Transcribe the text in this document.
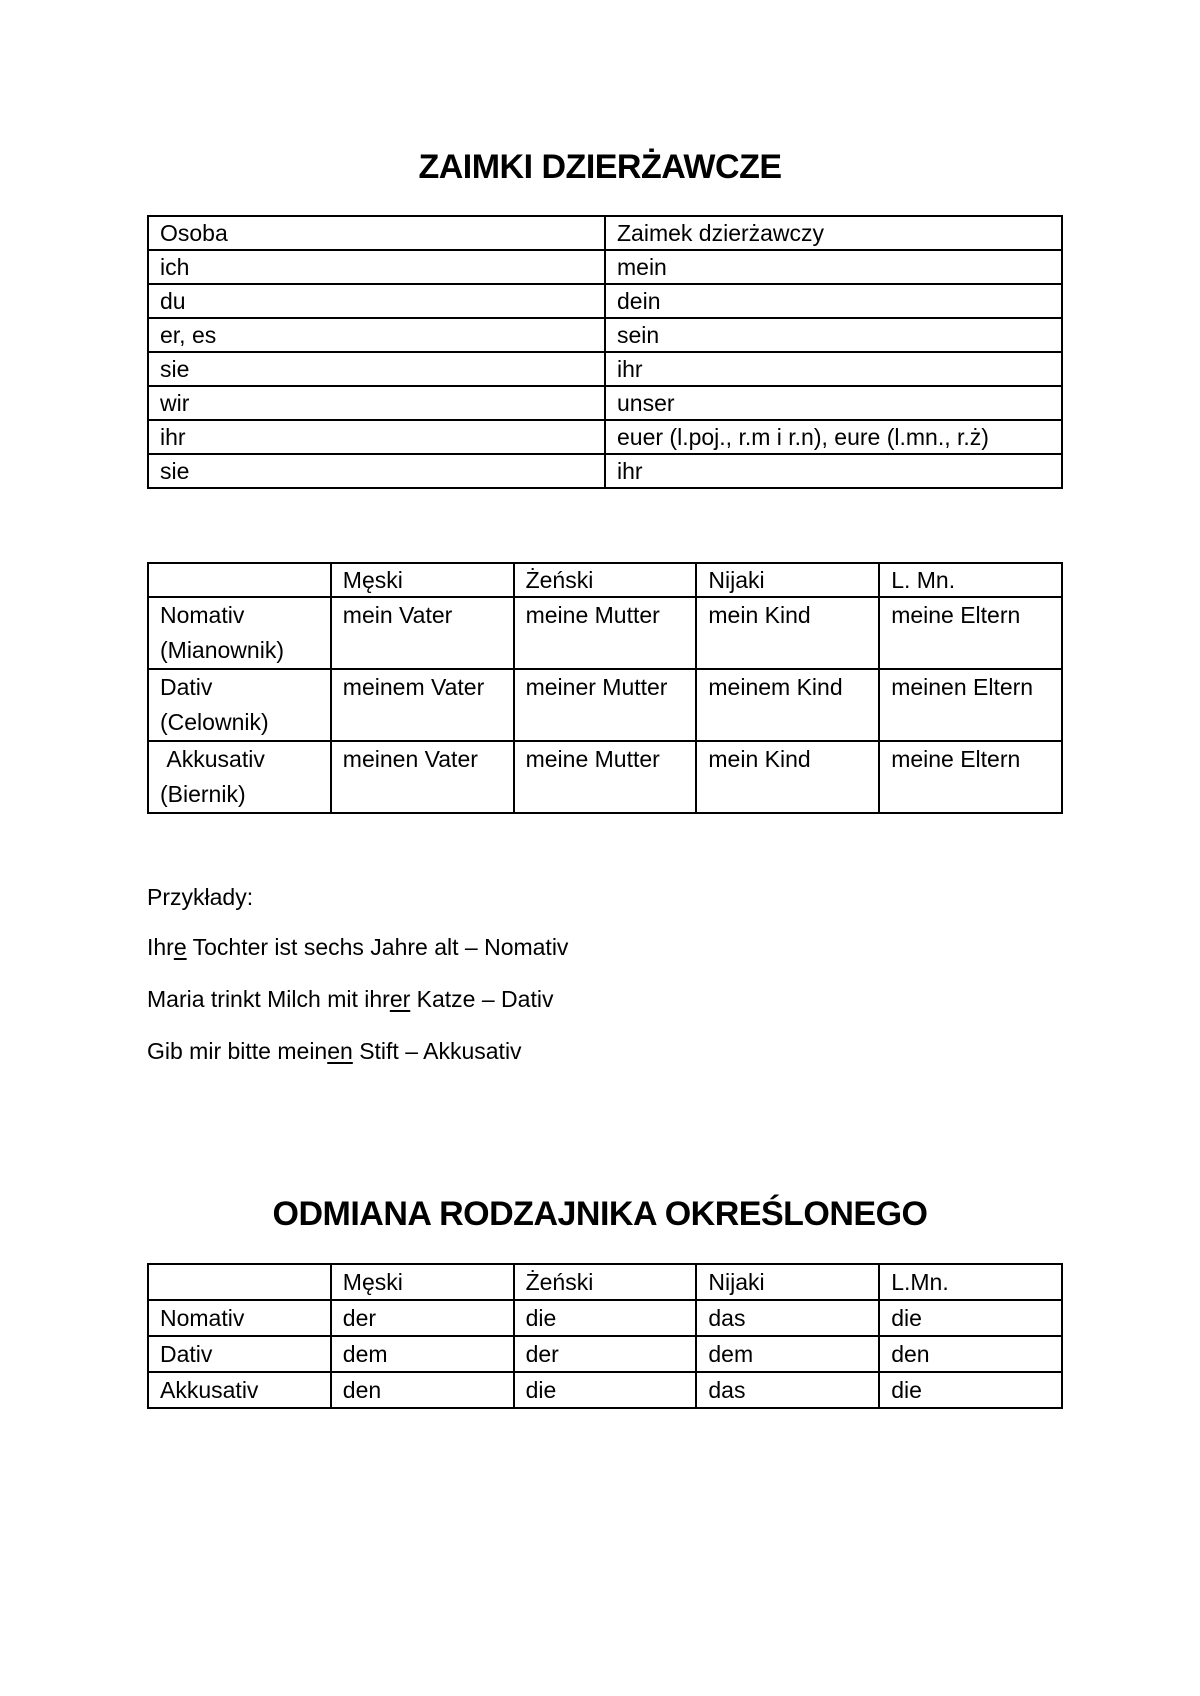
ZAIMKI DZIERŻAWCZE
Osoba	Zaimek dzierżawczy
ich	mein
du	dein
er, es	sein
sie	ihr
wir	unser
ihr	euer (l.poj., r.m i r.n), eure (l.mn., r.ż)
sie	ihr
	Męski	Żeński	Nijaki	L. Mn.
Nomativ (Mianownik)	mein Vater	meine Mutter	mein Kind	meine Eltern
Dativ (Celownik)	meinem Vater	meiner Mutter	meinem Kind	meinen Eltern
Akkusativ (Biernik)	meinen Vater	meine Mutter	mein Kind	meine Eltern

Przykłady:

Ihre Tochter ist sechs Jahre alt – Nomativ

Maria trinkt Milch mit ihrer Katze – Dativ

Gib mir bitte meinen Stift – Akkusativ

ODMIANA RODZAJNIKA OKREŚLONEGO
	Męski	Żeński	Nijaki	L.Mn.
Nomativ	der	die	das	die
Dativ	dem	der	dem	den
Akkusativ	den	die	das	die
